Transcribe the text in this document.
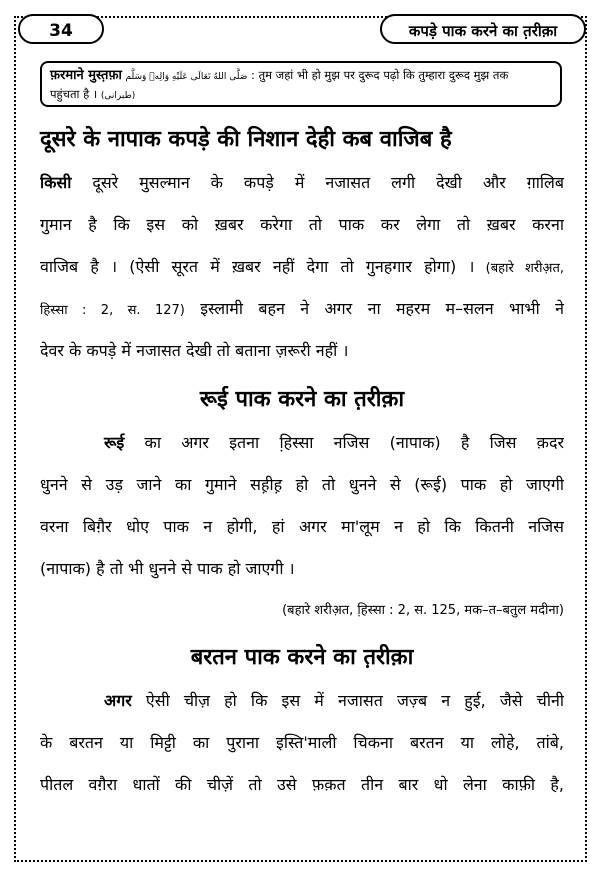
34	कपड़े पाक करने का त़रीक़ा
फ़रमाने मुस्त़फ़ा صَلَّى اللهُ تَعَالَى عَلَيْهِ وَالِهٖ وَسَلَّم : तुम जहां भी हो मुझ पर दुरूद पढ़ो कि तुम्हारा दुरूद मुझ तक
पहुंचता है । (طبرانی)
दूसरे के नापाक कपड़े की निशान देही कब वाजिब है
किसी दूसरे मुसल्मान के कपड़े में नजासत लगी देखी और ग़ालिब
गुमान है कि इस को ख़बर करेगा तो पाक कर लेगा तो ख़बर करना
वाजिब है । (ऐसी सूरत में ख़बर नहीं देगा तो गुनहगार होगा) । (बहारे शरीअ़त,
हिस्सा : 2, स. 127) इस्लामी बहन ने अगर ना महरम म–सलन भाभी ने
देवर के कपड़े में नजासत देखी तो बताना ज़रूरी नहीं ।
रूई पाक करने का त़रीक़ा
रूई का अगर इतना हि़स्सा नजिस (नापाक) है जिस क़दर
धुनने से उड़ जाने का गुमाने सह़ीह़ हो तो धुनने से (रूई) पाक हो जाएगी
वरना बिग़ैर धोए पाक न होगी, हां अगर मा'लूम न हो कि कितनी नजिस
(नापाक) है तो भी धुनने से पाक हो जाएगी ।
(बहारे शरीअ़त, हि़स्सा : 2, स. 125, मक–त–बतुल मदीना)
बरतन पाक करने का त़रीक़ा
अगर ऐसी चीज़ हो कि इस में नजासत जज़्ब न हुई, जैसे चीनी
के बरतन या मिट्टी का पुराना इस्ति'माली चिकना बरतन या लोहे, तांबे,
पीतल वग़ैरा धातों की चीज़ें तो उसे फ़क़त तीन बार धो लेना काफ़ी है,
